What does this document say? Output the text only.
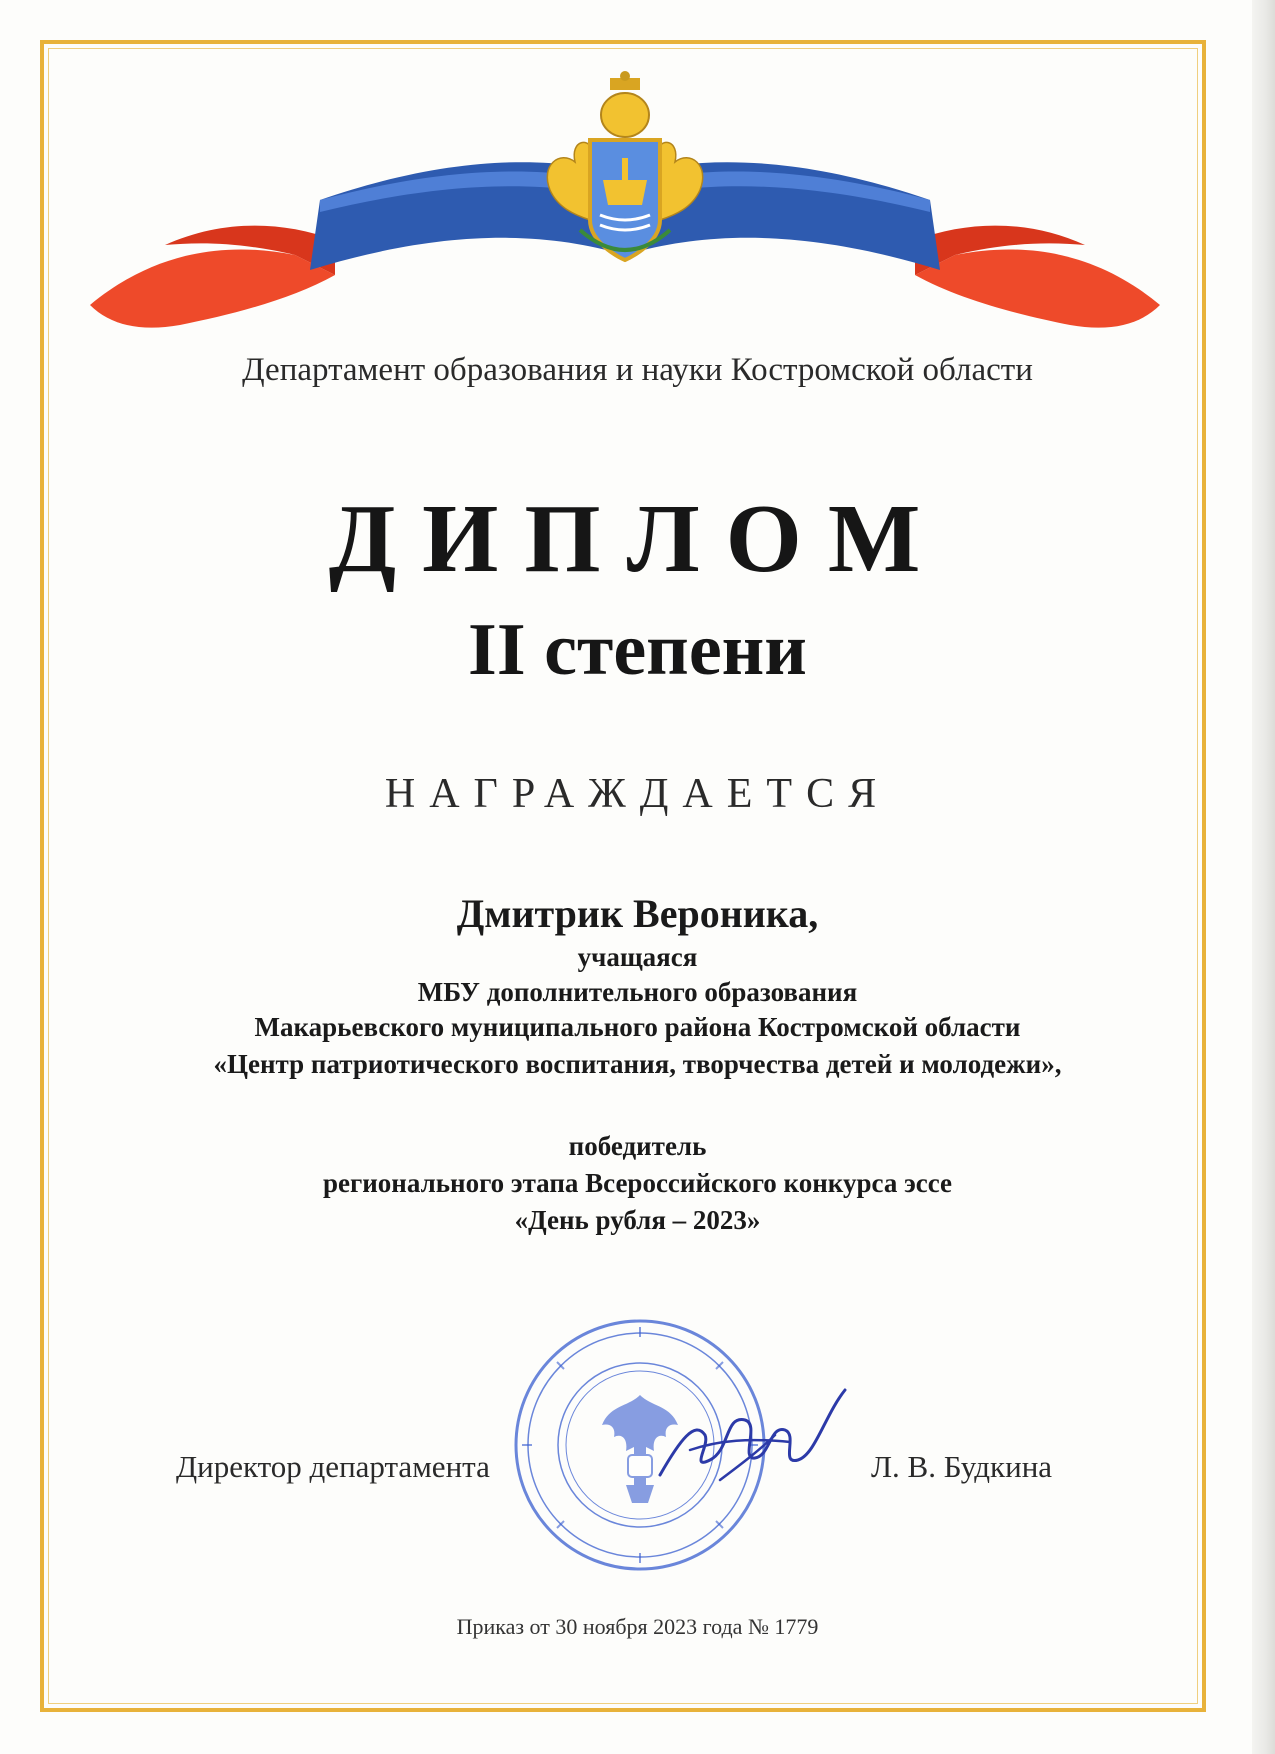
Департамент образования и науки Костромской области
ДИПЛОМ
II степени
НАГРАЖДАЕТСЯ
Дмитрик Вероника,
учащаяся
МБУ дополнительного образования
Макарьевского муниципального района Костромской области
«Центр патриотического воспитания, творчества детей и молодежи»,
победитель
регионального этапа Всероссийского конкурса эссе
«День рубля – 2023»
Директор департамента	Л. В. Будкина
Приказ от 30 ноября 2023 года № 1779
